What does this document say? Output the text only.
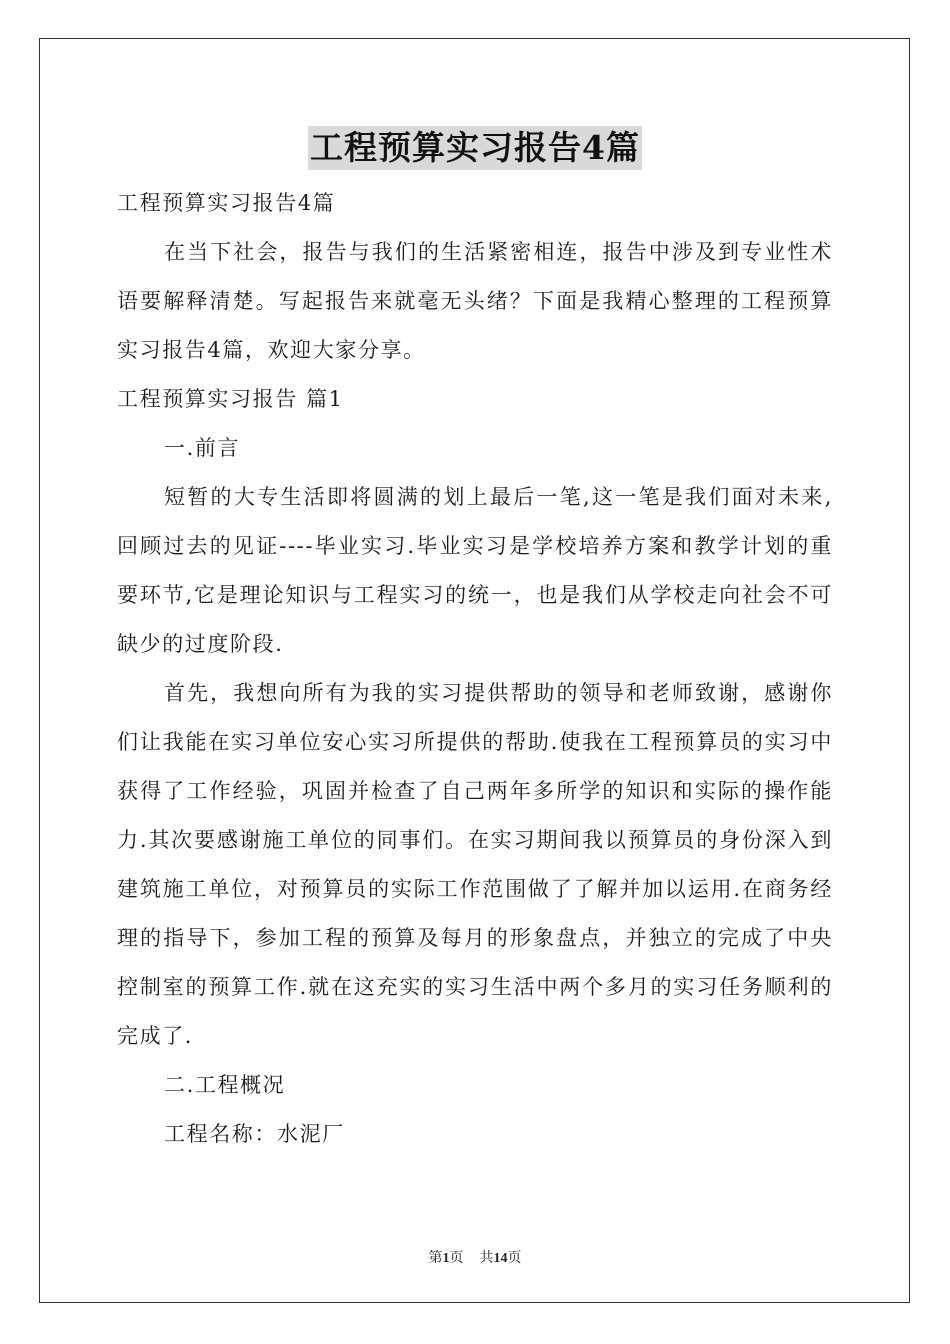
工程预算实习报告4篇

工程预算实习报告4篇

在当下社会，报告与我们的生活紧密相连，报告中涉及到专业性术语要解释清楚。写起报告来就毫无头绪？下面是我精心整理的工程预算实习报告4篇，欢迎大家分享。

工程预算实习报告 篇1

一.前言

短暂的大专生活即将圆满的划上最后一笔,这一笔是我们面对未来,回顾过去的见证----毕业实习.毕业实习是学校培养方案和教学计划的重要环节,它是理论知识与工程实习的统一，也是我们从学校走向社会不可缺少的过度阶段.

首先，我想向所有为我的实习提供帮助的领导和老师致谢，感谢你们让我能在实习单位安心实习所提供的帮助.使我在工程预算员的实习中获得了工作经验，巩固并检查了自己两年多所学的知识和实际的操作能力.其次要感谢施工单位的同事们。在实习期间我以预算员的身份深入到建筑施工单位，对预算员的实际工作范围做了了解并加以运用.在商务经理的指导下，参加工程的预算及每月的形象盘点，并独立的完成了中央控制室的预算工作.就在这充实的实习生活中两个多月的实习任务顺利的完成了.

二.工程概况

工程名称：水泥厂

第1页 共14页
